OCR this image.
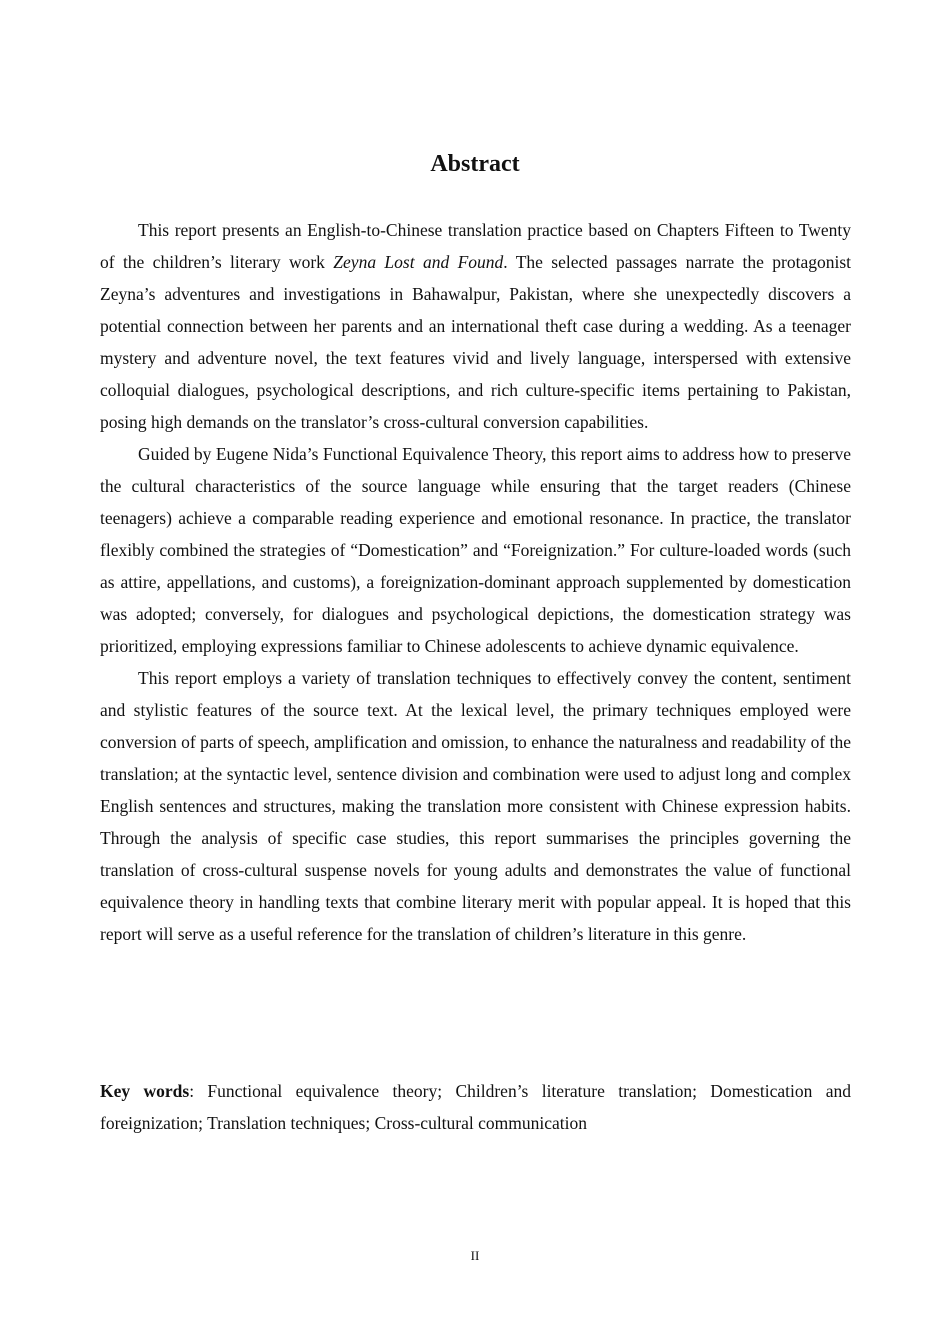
Abstract

This report presents an English-to-Chinese translation practice based on Chapters Fifteen to Twenty of the children’s literary work Zeyna Lost and Found. The selected passages narrate the protagonist Zeyna’s adventures and investigations in Bahawalpur, Pakistan, where she unexpectedly discovers a potential connection between her parents and an international theft case during a wedding. As a teenager mystery and adventure novel, the text features vivid and lively language, interspersed with extensive colloquial dialogues, psychological descriptions, and rich culture-specific items pertaining to Pakistan, posing high demands on the translator’s cross-cultural conversion capabilities.

Guided by Eugene Nida’s Functional Equivalence Theory, this report aims to address how to preserve the cultural characteristics of the source language while ensuring that the target readers (Chinese teenagers) achieve a comparable reading experience and emotional resonance. In practice, the translator flexibly combined the strategies of “Domestication” and “Foreignization.” For culture-loaded words (such as attire, appellations, and customs), a foreignization-dominant approach supplemented by domestication was adopted; conversely, for dialogues and psychological depictions, the domestication strategy was prioritized, employing expressions familiar to Chinese adolescents to achieve dynamic equivalence.

This report employs a variety of translation techniques to effectively convey the content, sentiment and stylistic features of the source text. At the lexical level, the primary techniques employed were conversion of parts of speech, amplification and omission, to enhance the naturalness and readability of the translation; at the syntactic level, sentence division and combination were used to adjust long and complex English sentences and structures, making the translation more consistent with Chinese expression habits. Through the analysis of specific case studies, this report summarises the principles governing the translation of cross-cultural suspense novels for young adults and demonstrates the value of functional equivalence theory in handling texts that combine literary merit with popular appeal. It is hoped that this report will serve as a useful reference for the translation of children’s literature in this genre.

Key words: Functional equivalence theory; Children’s literature translation; Domestication and foreignization; Translation techniques; Cross-cultural communication

II
